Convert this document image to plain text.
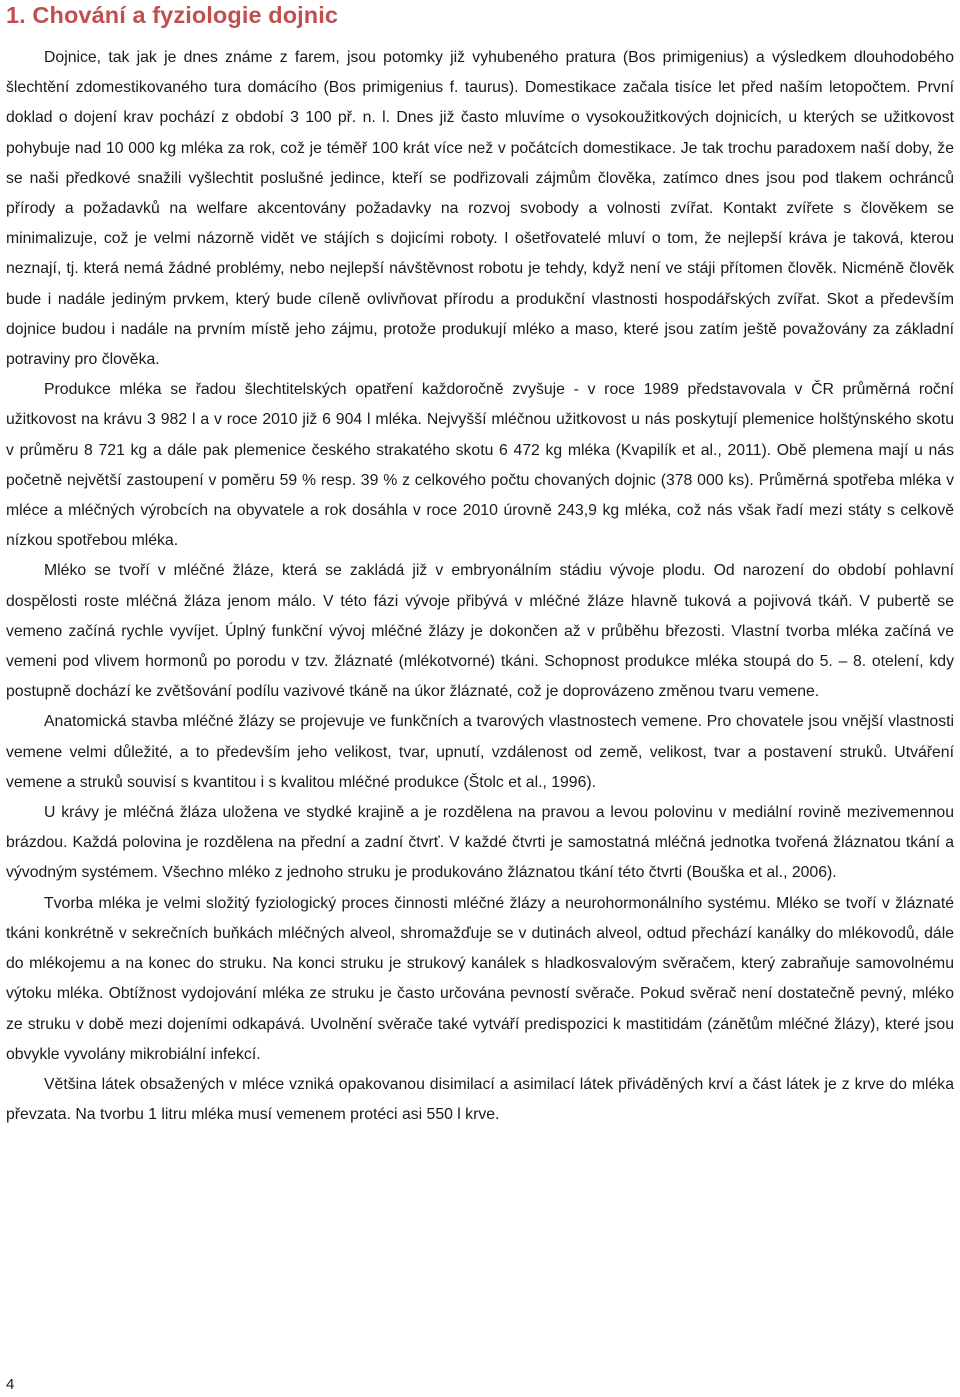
1. Chování a fyziologie dojnic

Dojnice, tak jak je dnes známe z farem, jsou potomky již vyhubeného pratura (Bos primigenius) a výsledkem dlouhodobého šlechtění zdomestikovaného tura domácího (Bos primigenius f. taurus). Domestikace začala tisíce let před naším letopočtem. První doklad o dojení krav pochází z období 3 100 př. n. l. Dnes již často mluvíme o vysokoužitkových dojnicích, u kterých se užitkovost pohybuje nad 10 000 kg mléka za rok, což je téměř 100 krát více než v počátcích domestikace. Je tak trochu paradoxem naší doby, že se naši předkové snažili vyšlechtit poslušné jedince, kteří se podřizovali zájmům člověka, zatímco dnes jsou pod tlakem ochránců přírody a požadavků na welfare akcentovány požadavky na rozvoj svobody a volnosti zvířat. Kontakt zvířete s člověkem se minimalizuje, což je velmi názorně vidět ve stájích s dojicími roboty. I ošetřovatelé mluví o tom, že nejlepší kráva je taková, kterou neznají, tj. která nemá žádné problémy, nebo nejlepší návštěvnost robotu je tehdy, když není ve stáji přítomen člověk. Nicméně člověk bude i nadále jediným prvkem, který bude cíleně ovlivňovat přírodu a produkční vlastnosti hospodářských zvířat. Skot a především dojnice budou i nadále na prvním místě jeho zájmu, protože produkují mléko a maso, které jsou zatím ještě považovány za základní potraviny pro člověka.

Produkce mléka se řadou šlechtitelských opatření každoročně zvyšuje - v roce 1989 představovala v ČR průměrná roční užitkovost na krávu 3 982 l a v roce 2010 již 6 904 l mléka. Nejvyšší mléčnou užitkovost u nás poskytují plemenice holštýnského skotu v průměru 8 721 kg a dále pak plemenice českého strakatého skotu 6 472 kg mléka (Kvapilík et al., 2011). Obě plemena mají u nás početně největší zastoupení v poměru 59 % resp. 39 % z celkového počtu chovaných dojnic (378 000 ks). Průměrná spotřeba mléka v mléce a mléčných výrobcích na obyvatele a rok dosáhla v roce 2010 úrovně 243,9 kg mléka, což nás však řadí mezi státy s celkově nízkou spotřebou mléka.

Mléko se tvoří v mléčné žláze, která se zakládá již v embryonálním stádiu vývoje plodu. Od narození do období pohlavní dospělosti roste mléčná žláza jenom málo. V této fázi vývoje přibývá v mléčné žláze hlavně tuková a pojivová tkáň. V pubertě se vemeno začíná rychle vyvíjet. Úplný funkční vývoj mléčné žlázy je dokončen až v průběhu březosti. Vlastní tvorba mléka začíná ve vemeni pod vlivem hormonů po porodu v tzv. žláznaté (mlékotvorné) tkáni. Schopnost produkce mléka stoupá do 5. – 8. otelení, kdy postupně dochází ke zvětšování podílu vazivové tkáně na úkor žláznaté, což je doprovázeno změnou tvaru vemene.

Anatomická stavba mléčné žlázy se projevuje ve funkčních a tvarových vlastnostech vemene. Pro chovatele jsou vnější vlastnosti vemene velmi důležité, a to především jeho velikost, tvar, upnutí, vzdálenost od země, velikost, tvar a postavení struků. Utváření vemene a struků souvisí s kvantitou i s kvalitou mléčné produkce (Štolc et al., 1996).

U krávy je mléčná žláza uložena ve stydké krajině a je rozdělena na pravou a levou polovinu v mediální rovině mezivemennou brázdou. Každá polovina je rozdělena na přední a zadní čtvrť. V každé čtvrti je samostatná mléčná jednotka tvořená žláznatou tkání a vývodným systémem. Všechno mléko z jednoho struku je produkováno žláznatou tkání této čtvrti (Bouška et al., 2006).

Tvorba mléka je velmi složitý fyziologický proces činnosti mléčné žlázy a neurohormonálního systému. Mléko se tvoří v žláznaté tkáni konkrétně v sekrečních buňkách mléčných alveol, shromažďuje se v dutinách alveol, odtud přechází kanálky do mlékovodů, dále do mlékojemu a na konec do struku. Na konci struku je strukový kanálek s hladkosvalovým svěračem, který zabraňuje samovolnému výtoku mléka. Obtížnost vydojování mléka ze struku je často určována pevností svěrače. Pokud svěrač není dostatečně pevný, mléko ze struku v době mezi dojeními odkapává. Uvolnění svěrače také vytváří predispozici k mastitidám (zánětům mléčné žlázy), které jsou obvykle vyvolány mikrobiální infekcí.

Většina látek obsažených v mléce vzniká opakovanou disimilací a asimilací látek přiváděných krví a část látek je z krve do mléka převzata. Na tvorbu 1 litru mléka musí vemenem protéci asi 550 l krve.

4
